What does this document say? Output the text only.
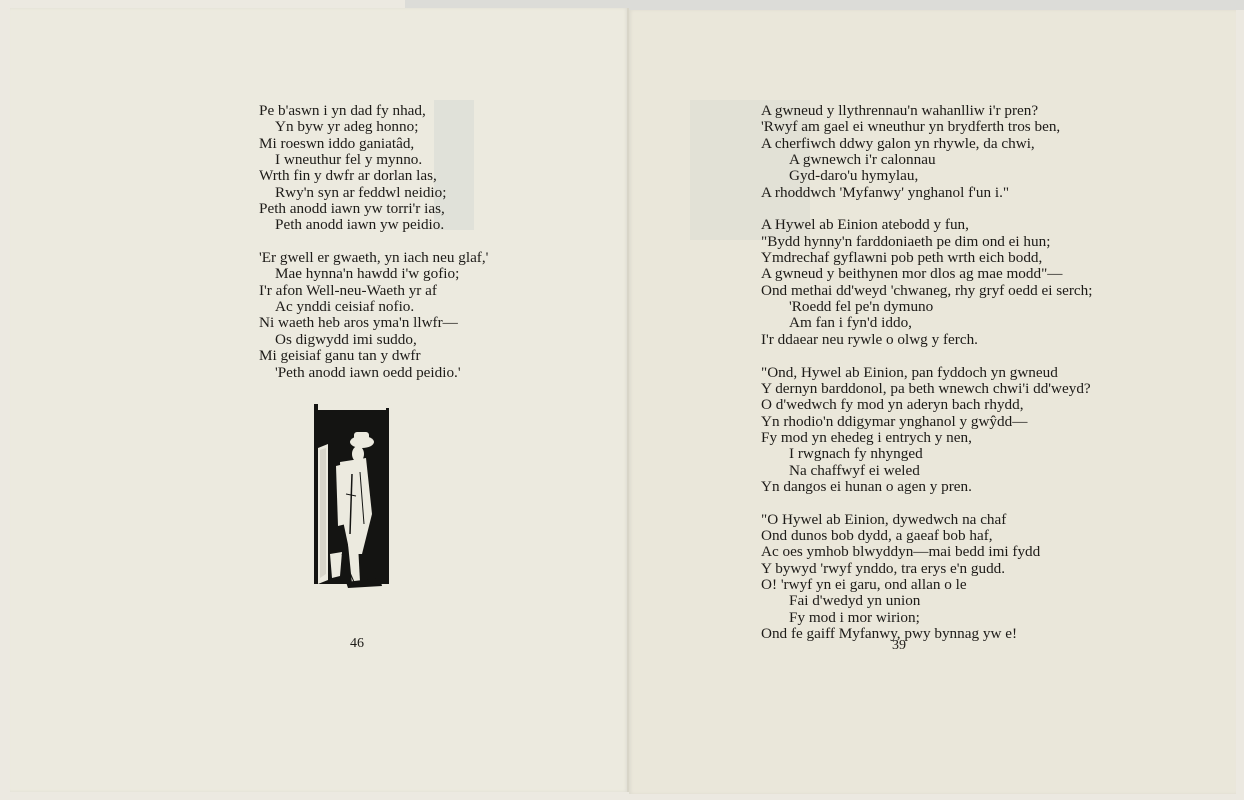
Pe b'aswn i yn dad fy nhad,
Yn byw yr adeg honno;
Mi roeswn iddo ganiatâd,
I wneuthur fel y mynno.
Wrth fin y dwfr ar dorlan las,
Rwy'n syn ar feddwl neidio;
Peth anodd iawn yw torri'r ias,
Peth anodd iawn yw peidio.
'Er gwell er gwaeth, yn iach neu glaf,'
Mae hynna'n hawdd i'w gofio;
I'r afon Well-neu-Waeth yr af
Ac ynddi ceisiaf nofio.
Ni waeth heb aros yma'n llwfr—
Os digwydd imi suddo,
Mi geisiaf ganu tan y dwfr
'Peth anodd iawn oedd peidio.'
46
A gwneud y llythrennau'n wahanlliw i'r pren?
'Rwyf am gael ei wneuthur yn brydferth tros ben,
A cherfiwch ddwy galon yn rhywle, da chwi,
A gwnewch i'r calonnau
Gyd-daro'u hymylau,
A rhoddwch 'Myfanwy' ynghanol f'un i."
A Hywel ab Einion atebodd y fun,
"Bydd hynny'n farddoniaeth pe dim ond ei hun;
Ymdrechaf gyflawni pob peth wrth eich bodd,
A gwneud y beithynen mor dlos ag mae modd"—
Ond methai dd'weyd 'chwaneg, rhy gryf oedd ei serch;
'Roedd fel pe'n dymuno
Am fan i fyn'd iddo,
I'r ddaear neu rywle o olwg y ferch.
"Ond, Hywel ab Einion, pan fyddoch yn gwneud
Y dernyn barddonol, pa beth wnewch chwi'i dd'weyd?
O d'wedwch fy mod yn aderyn bach rhydd,
Yn rhodio'n ddigymar ynghanol y gwŷdd—
Fy mod yn ehedeg i entrych y nen,
I rwgnach fy nhynged
Na chaffwyf ei weled
Yn dangos ei hunan o agen y pren.
"O Hywel ab Einion, dywedwch na chaf
Ond dunos bob dydd, a gaeaf bob haf,
Ac oes ymhob blwyddyn—mai bedd imi fydd
Y bywyd 'rwyf ynddo, tra erys e'n gudd.
O! 'rwyf yn ei garu, ond allan o le
Fai d'wedyd yn union
Fy mod i mor wirion;
Ond fe gaiff Myfanwy, pwy bynnag yw e!
39
